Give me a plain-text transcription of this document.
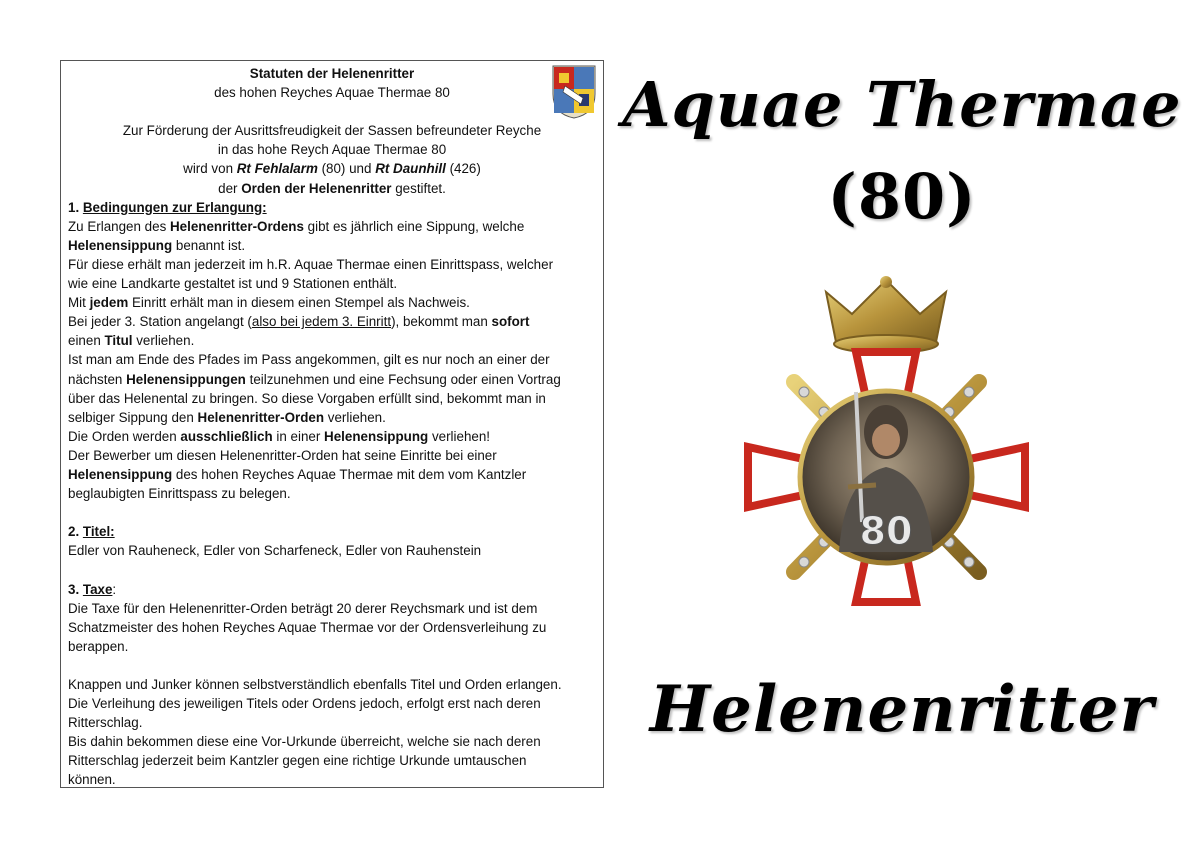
Statuten der Helenenritter

des hohen Reyches Aquae Thermae 80

Zur Förderung der Ausrittsfreudigkeit der Sassen befreundeter Reyche

in das hohe Reych Aquae Thermae 80

wird von Rt Fehlalarm (80) und Rt Daunhill (426)

der Orden der Helenenritter gestiftet.

1. Bedingungen zur Erlangung:

Zu Erlangen des Helenenritter-Ordens gibt es jährlich eine Sippung, welche

Helenensippung benannt ist.

Für diese erhält man jederzeit im h.R. Aquae Thermae einen Einrittspass, welcher

wie eine Landkarte gestaltet ist und 9 Stationen enthält.

Mit jedem Einritt erhält man in diesem einen Stempel als Nachweis.

Bei jeder 3. Station angelangt (also bei jedem 3. Einritt), bekommt man sofort

einen Titul verliehen.

Ist man am Ende des Pfades im Pass angekommen, gilt es nur noch an einer der

nächsten Helenensippungen teilzunehmen und eine Fechsung oder einen Vortrag

über das Helenental zu bringen. So diese Vorgaben erfüllt sind, bekommt man in

selbiger Sippung den Helenenritter-Orden verliehen.

Die Orden werden ausschließlich in einer Helenensippung verliehen!

Der Bewerber um diesen Helenenritter-Orden hat seine Einritte bei einer

Helenensippung des hohen Reyches Aquae Thermae mit dem vom Kantzler

beglaubigten Einrittspass zu belegen.

2. Titel:

Edler von Rauheneck, Edler von Scharfeneck, Edler von Rauhenstein

3. Taxe:

Die Taxe für den Helenenritter-Orden beträgt 20 derer Reychsmark und ist dem

Schatzmeister des hohen Reyches Aquae Thermae vor der Ordensverleihung zu

berappen.

Knappen und Junker können selbstverständlich ebenfalls Titel und Orden erlangen.

Die Verleihung des jeweiligen Titels oder Ordens jedoch, erfolgt erst nach deren

Ritterschlag.

Bis dahin bekommen diese eine Vor-Urkunde überreicht, welche sie nach deren

Ritterschlag jederzeit beim Kantzler gegen eine richtige Urkunde umtauschen

können.

Aquae Thermae
(80)
80
Helenenritter
